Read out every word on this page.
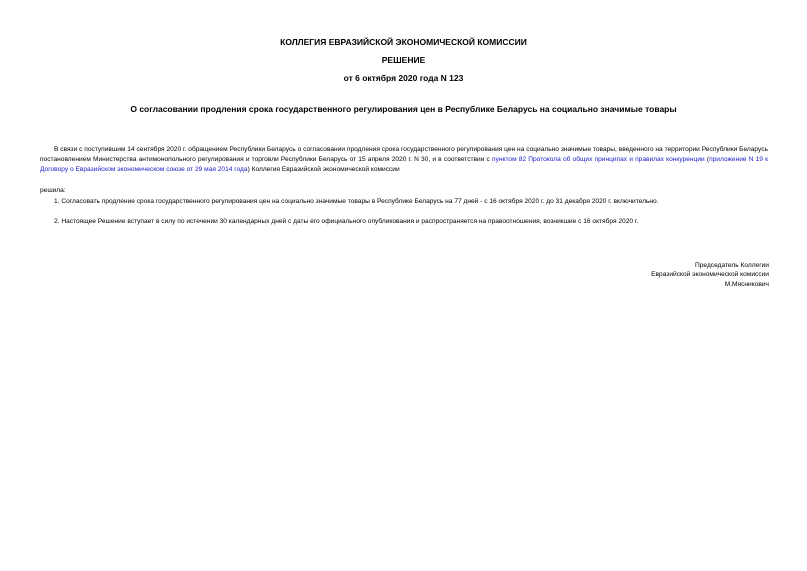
КОЛЛЕГИЯ ЕВРАЗИЙСКОЙ ЭКОНОМИЧЕСКОЙ КОМИССИИ
РЕШЕНИЕ
от 6 октября 2020 года N 123
О согласовании продления срока государственного регулирования цен в Республике Беларусь на социально значимые товары
В связи с поступившим 14 сентября 2020 г. обращением Республики Беларусь о согласовании продления срока государственного регулирования цен на социально значимые товары, введенного на территории Республики Беларусь постановлением Министерства антимонопольного регулирования и торговли Республики Беларусь от 15 апреля 2020 г. N 30, и в соответствии с пунктом 82 Протокола об общих принципах и правилах конкуренции (приложение N 19 к Договору о Евразийском экономическом союзе от 29 мая 2014 года) Коллегия Евразийской экономической комиссии
решила:
1. Согласовать продление срока государственного регулирования цен на социально значимые товары в Республике Беларусь на 77 дней - с 16 октября 2020 г. до 31 декабря 2020 г. включительно.
2. Настоящее Решение вступает в силу по истечении 30 календарных дней с даты его официального опубликования и распространяется на правоотношения, возникшие с 16 октября 2020 г.
Председатель Коллегии
Евразийской экономической комиссии
М.Мясникович
